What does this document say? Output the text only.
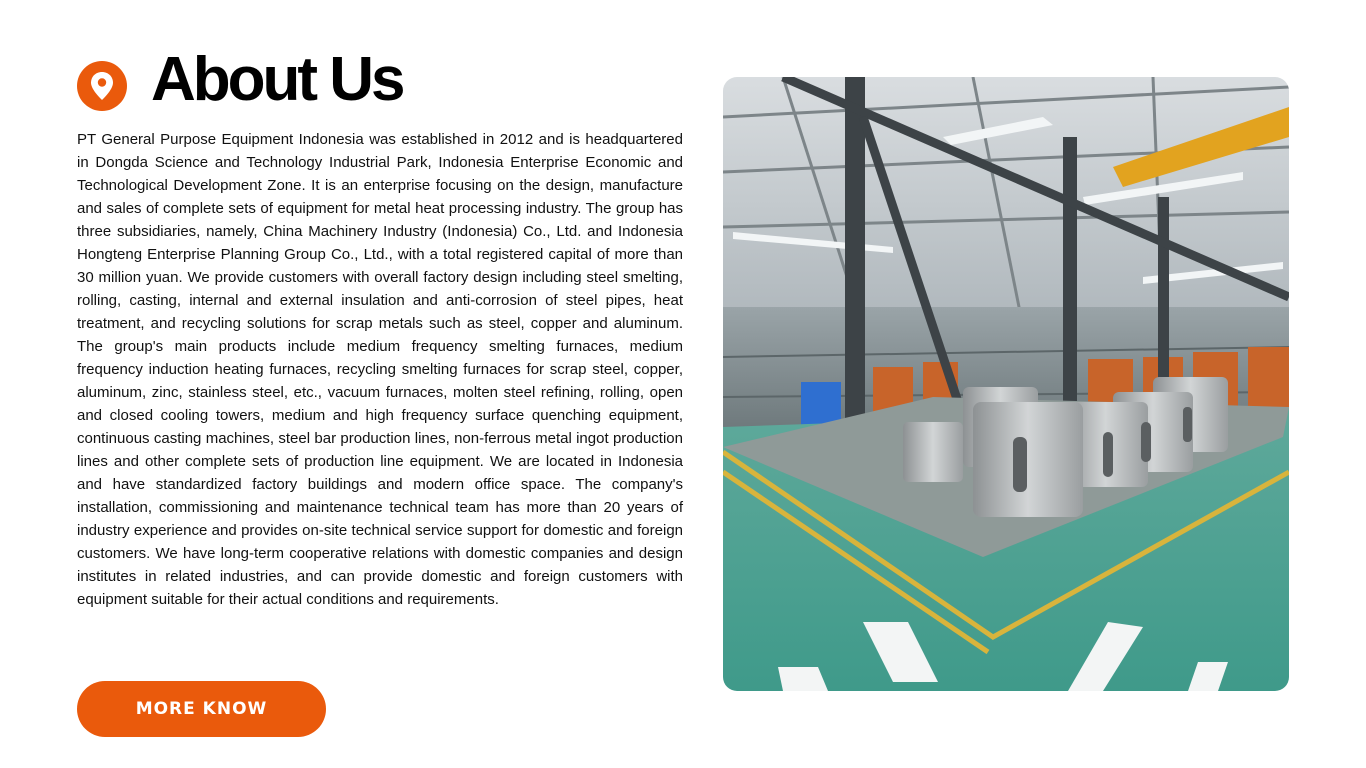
About Us

PT General Purpose Equipment Indonesia was established in 2012 and is headquartered in Dongda Science and Technology Industrial Park, Indonesia Enterprise Economic and Technological Development Zone. It is an enterprise focusing on the design, manufacture and sales of complete sets of equipment for metal heat processing industry. The group has three subsidiaries, namely, China Machinery Industry (Indonesia) Co., Ltd. and Indonesia Hongteng Enterprise Planning Group Co., Ltd., with a total registered capital of more than 30 million yuan. We provide customers with overall factory design including steel smelting, rolling, casting, internal and external insulation and anti-corrosion of steel pipes, heat treatment, and recycling solutions for scrap metals such as steel, copper and aluminum. The group's main products include medium frequency smelting furnaces, medium frequency induction heating furnaces, recycling smelting furnaces for scrap steel, copper, aluminum, zinc, stainless steel, etc., vacuum furnaces, molten steel refining, rolling, open and closed cooling towers, medium and high frequency surface quenching equipment, continuous casting machines, steel bar production lines, non-ferrous metal ingot production lines and other complete sets of production line equipment. We are located in Indonesia and have standardized factory buildings and modern office space. The company's installation, commissioning and maintenance technical team has more than 20 years of industry experience and provides on-site technical service support for domestic and foreign customers. We have long-term cooperative relations with domestic companies and design institutes in related industries, and can provide domestic and foreign customers with equipment suitable for their actual conditions and requirements.

MORE KNOW
